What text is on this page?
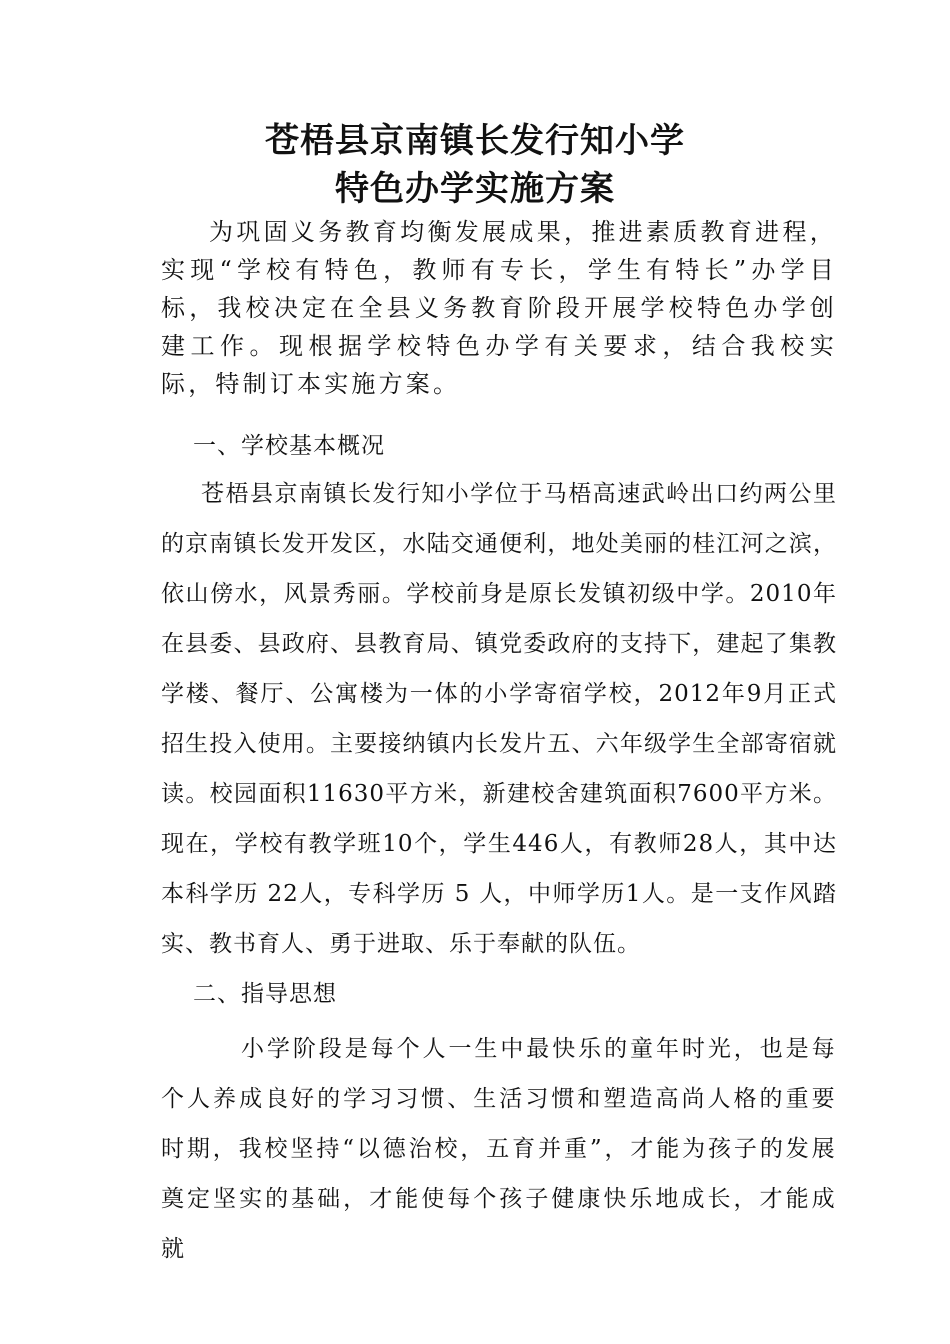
苍梧县京南镇长发行知小学
特色办学实施方案

为巩固义务教育均衡发展成果，推进素质教育进程，实现“学校有特色，教师有专长，学生有特长”办学目标，我校决定在全县义务教育阶段开展学校特色办学创建工作。现根据学校特色办学有关要求，结合我校实际，特制订本实施方案。

一、学校基本概况

苍梧县京南镇长发行知小学位于马梧高速武岭出口约两公里的京南镇长发开发区，水陆交通便利，地处美丽的桂江河之滨，依山傍水，风景秀丽。学校前身是原长发镇初级中学。2010年在县委、县政府、县教育局、镇党委政府的支持下，建起了集教学楼、餐厅、公寓楼为一体的小学寄宿学校，2012年9月正式招生投入使用。主要接纳镇内长发片五、六年级学生全部寄宿就读。校园面积11630平方米，新建校舍建筑面积7600平方米。现在，学校有教学班10个，学生446人，有教师28人，其中达本科学历 22人，专科学历 5 人，中师学历1人。是一支作风踏实、教书育人、勇于进取、乐于奉献的队伍。

二、指导思想

小学阶段是每个人一生中最快乐的童年时光，也是每个人养成良好的学习习惯、生活习惯和塑造高尚人格的重要时期，我校坚持“以德治校，五育并重”，才能为孩子的发展奠定坚实的基础，才能使每个孩子健康快乐地成长，才能成就
